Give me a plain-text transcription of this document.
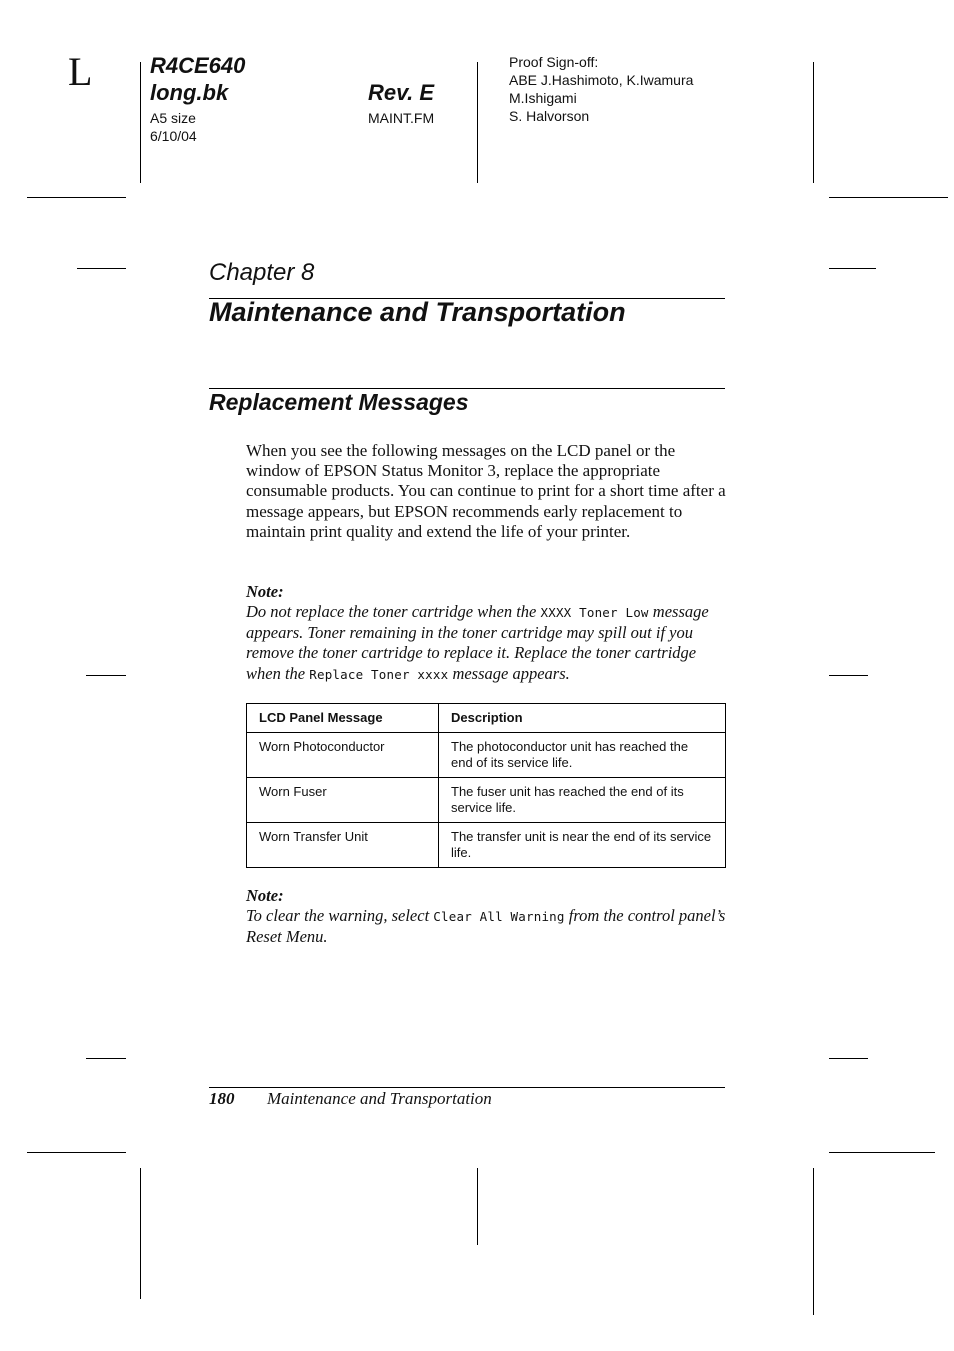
L	R4CE640
long.bk
A5 size
6/10/04
Rev. E
MAINT.FM
Proof Sign-off:
ABE J.Hashimoto, K.Iwamura
M.Ishigami
S. Halvorson
Chapter 8
Maintenance and Transportation
Replacement Messages
When you see the following messages on the LCD panel or the window of EPSON Status Monitor 3, replace the appropriate consumable products. You can continue to print for a short time after a message appears, but EPSON recommends early replacement to maintain print quality and extend the life of your printer.
Note:
Do not replace the toner cartridge when the XXXX Toner Low message appears. Toner remaining in the toner cartridge may spill out if you remove the toner cartridge to replace it. Replace the toner cartridge when the Replace Toner xxxx message appears.
LCD Panel Message	Description
Worn Photoconductor	The photoconductor unit has reached the end of its service life.
Worn Fuser	The fuser unit has reached the end of its service life.
Worn Transfer Unit	The transfer unit is near the end of its service life.
Note:
To clear the warning, select Clear All Warning from the control panel’s Reset Menu.
180 Maintenance and Transportation
